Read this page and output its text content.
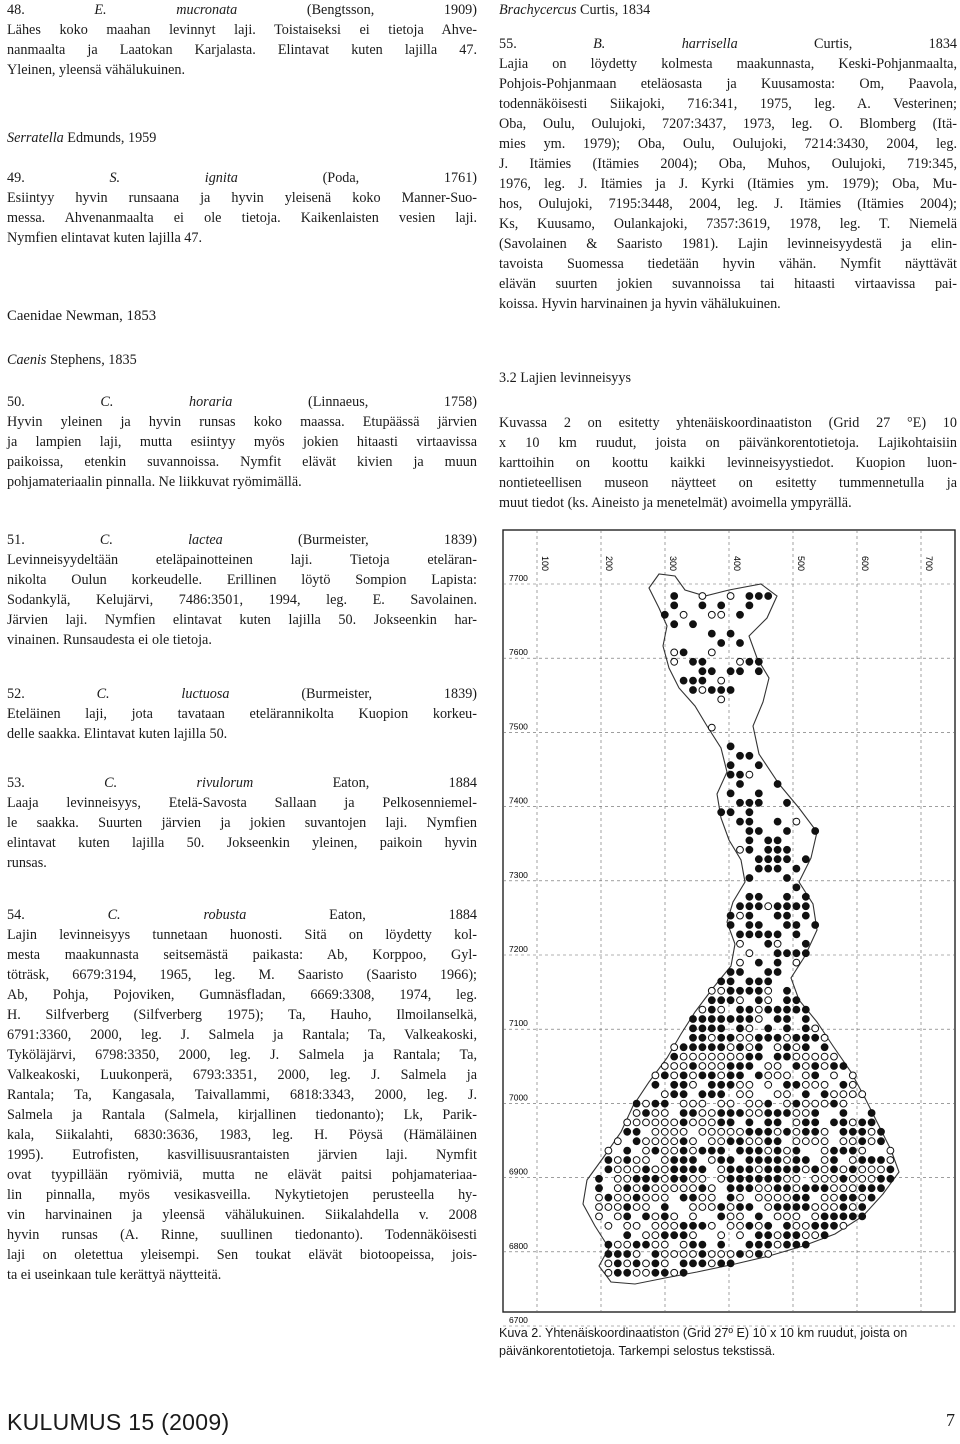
48. E. mucronata (Bengtsson, 1909)
Lähes koko maahan levinnyt laji. Toistaiseksi ei tietoja Ahve-
nanmaalta ja Laatokan Karjalasta. Elintavat kuten lajilla 47.
Yleinen, yleensä vähälukuinen.
Serratella Edmunds, 1959
49. S. ignita (Poda, 1761)
Esiintyy hyvin runsaana ja hyvin yleisenä koko Manner-Suo-
messa. Ahvenanmaalta ei ole tietoja. Kaikenlaisten vesien laji.
Nymfien elintavat kuten lajilla 47.
Caenidae Newman, 1853
Caenis Stephens, 1835
50. C. horaria (Linnaeus, 1758)
Hyvin yleinen ja hyvin runsas koko maassa. Etupäässä järvien
ja lampien laji, mutta esiintyy myös jokien hitaasti virtaavissa
paikoissa, etenkin suvannoissa. Nymfit elävät kivien ja muun
pohjamateriaalin pinnalla. Ne liikkuvat ryömimällä.
51. C. lactea (Burmeister, 1839)
Levinneisyydeltään eteläpainotteinen laji. Tietoja eteläran-
nikolta Oulun korkeudelle. Erillinen löytö Sompion Lapista:
Sodankylä, Kelujärvi, 7486:3501, 1994, leg. E. Savolainen.
Järvien laji. Nymfien elintavat kuten lajilla 50. Jokseenkin har-
vinainen. Runsaudesta ei ole tietoja.
52. C. luctuosa (Burmeister, 1839)
Eteläinen laji, jota tavataan etelärannikolta Kuopion korkeu-
delle saakka. Elintavat kuten lajilla 50.
53. C. rivulorum Eaton, 1884
Laaja levinneisyys, Etelä-Savosta Sallaan ja Pelkosenniemel-
le saakka. Suurten järvien ja jokien suvantojen laji. Nymfien
elintavat kuten lajilla 50. Jokseenkin yleinen, paikoin hyvin
runsas.
54. C. robusta Eaton, 1884
Lajin levinneisyys tunnetaan huonosti. Sitä on löydetty kol-
mesta maakunnasta seitsemästä paikasta: Ab, Korppoo, Gyl-
töträsk, 6679:3194, 1965, leg. M. Saaristo (Saaristo 1966);
Ab, Pohja, Pojoviken, Gumnäsfladan, 6669:3308, 1974, leg.
H. Silfverberg (Silfverberg 1975); Ta, Hauho, Ilmoilanselkä,
6791:3360, 2000, leg. J. Salmela ja Rantala; Ta, Valkeakoski,
Tyköläjärvi, 6798:3350, 2000, leg. J. Salmela ja Rantala; Ta,
Valkeakoski, Luukonperä, 6793:3351, 2000, leg. J. Salmela ja
Rantala; Ta, Kangasala, Taivallammi, 6818:3343, 2000, leg. J.
Salmela ja Rantala (Salmela, kirjallinen tiedonanto); Lk, Parik-
kala, Siikalahti, 6830:3636, 1983, leg. H. Pöysä (Hämäläinen
1995). Eutrofisten, kasvillisuusrantaisten järvien laji. Nymfit
ovat tyypillään ryömiviä, mutta ne elävät paitsi pohjamateriaa-
lin pinnalla, myös vesikasveilla. Nykytietojen perusteella hy-
vin harvinainen ja yleensä vähälukuinen. Siikalahdella v. 2008
hyvin runsas (A. Rinne, suullinen tiedonanto). Todennäköisesti
laji on oletettua yleisempi. Sen toukat elävät biotoopeissa, jois-
ta ei useinkaan tule kerättyä näytteitä.
Brachycercus Curtis, 1834
55. B. harrisella Curtis, 1834
Lajia on löydetty kolmesta maakunnasta, Keski-Pohjanmaalta,
Pohjois-Pohjanmaan eteläosasta ja Kuusamosta: Om, Paavola,
todennäköisesti Siikajoki, 716:341, 1975, leg. A. Vesterinen;
Oba, Oulu, Oulujoki, 7207:3437, 1973, leg. O. Blomberg (Itä-
mies ym. 1979); Oba, Oulu, Oulujoki, 7214:3430, 2004, leg.
J. Itämies (Itämies 2004); Oba, Muhos, Oulujoki, 719:345,
1976, leg. J. Itämies ja J. Kyrki (Itämies ym. 1979); Oba, Mu-
hos, Oulujoki, 7195:3448, 2004, leg. J. Itämies (Itämies 2004);
Ks, Kuusamo, Oulankajoki, 7357:3619, 1978, leg. T. Niemelä
(Savolainen & Saaristo 1981). Lajin levinneisyydestä ja elin-
tavoista Suomessa tiedetään hyvin vähän. Nymfit näyttävät
elävän suurten jokien suvannoissa tai hitaasti virtaavissa pai-
koissa. Hyvin harvinainen ja hyvin vähälukuinen.
3.2 Lajien levinneisyys
Kuvassa 2 on esitetty yhtenäiskoordinaatiston (Grid 27 °E) 10
x 10 km ruudut, joista on päivänkorentotietoja. Lajikohtaisiin
karttoihin on koottu kaikki levinneisyystiedot. Kuopion luon-
nontieteellisen museon näytteet on esitetty tummennetulla ja
muut tiedot (ks. Aineisto ja menetelmät) avoimella ympyrällä.
100	200	300	400	500	600	700
7700
7600
7500
7400
7300
7200
7100
7000
6900
6800
6700
Kuva 2. Yhtenäiskoordinaatiston (Grid 27º E) 10 x 10 km ruudut, joista on päivänkorentotietoja. Tarkempi selostus tekstissä.
KULUMUS 15 (2009)	7
